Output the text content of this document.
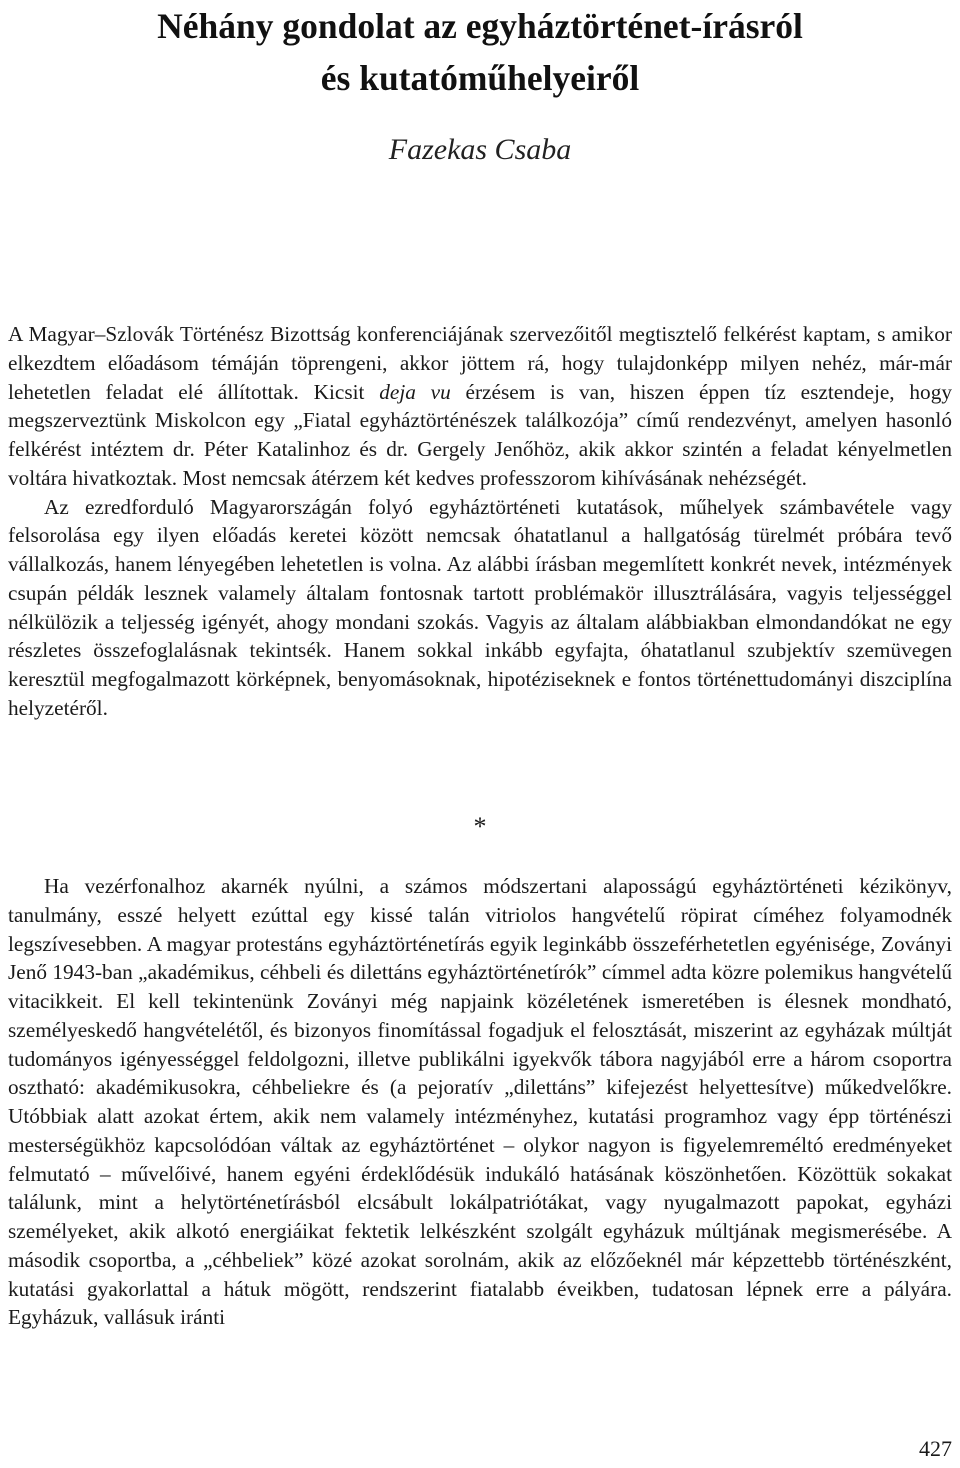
Néhány gondolat az egyháztörténet-írásról
és kutatóműhelyeiről
Fazekas Csaba

A Magyar–Szlovák Történész Bizottság konferenciájának szervezőitől megtisztelő felkérést kaptam, s amikor elkezdtem előadásom témáján töprengeni, akkor jöttem rá, hogy tulajdonképp milyen nehéz, már-már lehetetlen feladat elé állítottak. Kicsit deja vu érzésem is van, hiszen éppen tíz esztendeje, hogy megszerveztünk Miskolcon egy „Fiatal egyháztörténészek találkozója” című rendezvényt, amelyen hasonló felkérést intéztem dr. Péter Katalinhoz és dr. Gergely Jenőhöz, akik akkor szintén a feladat kényelmetlen voltára hivatkoztak. Most nemcsak átérzem két kedves professzorom kihívásának nehézségét.

Az ezredforduló Magyarországán folyó egyháztörténeti kutatások, műhelyek számbavétele vagy felsorolása egy ilyen előadás keretei között nemcsak óhatatlanul a hallgatóság türelmét próbára tevő vállalkozás, hanem lényegében lehetetlen is volna. Az alábbi írásban megemlített konkrét nevek, intézmények csupán példák lesznek valamely általam fontosnak tartott problémakör illusztrálására, vagyis teljességgel nélkülözik a teljesség igényét, ahogy mondani szokás. Vagyis az általam alábbiakban elmondandókat ne egy részletes összefoglalásnak tekintsék. Hanem sokkal inkább egyfajta, óhatatlanul szubjektív szemüvegen keresztül megfogalmazott körképnek, benyomásoknak, hipotéziseknek e fontos történettudományi diszciplína helyzetéről.

*

Ha vezérfonalhoz akarnék nyúlni, a számos módszertani alaposságú egyháztörténeti kézikönyv, tanulmány, esszé helyett ezúttal egy kissé talán vitriolos hangvételű röpirat címéhez folyamodnék legszívesebben. A magyar protestáns egyháztörténetírás egyik leginkább összeférhetetlen egyénisége, Zoványi Jenő 1943-ban „akadémikus, céhbeli és dilettáns egyháztörténetírók” címmel adta közre polemikus hangvételű vitacikkeit. El kell tekintenünk Zoványi még napjaink közéletének ismeretében is élesnek mondható, személyeskedő hangvételétől, és bizonyos finomítással fogadjuk el felosztását, miszerint az egyházak múltját tudományos igényességgel feldolgozni, illetve publikálni igyekvők tábora nagyjából erre a három csoportra osztható: akadémikusokra, céhbeliekre és (a pejoratív „dilettáns” kifejezést helyettesítve) műkedvelőkre. Utóbbiak alatt azokat értem, akik nem valamely intézményhez, kutatási programhoz vagy épp történészi mesterségükhöz kapcsolódóan váltak az egyháztörténet – olykor nagyon is figyelemreméltó eredményeket felmutató – művelőivé, hanem egyéni érdeklődésük indukáló hatásának köszönhetően. Közöttük sokakat találunk, mint a helytörténetírásból elcsábult lokálpatriótákat, vagy nyugalmazott papokat, egyházi személyeket, akik alkotó energiáikat fektetik lelkészként szolgált egyházuk múltjának megismerésébe. A második csoportba, a „céhbeliek” közé azokat sorolnám, akik az előzőeknél már képzettebb történészként, kutatási gyakorlattal a hátuk mögött, rendszerint fiatalabb éveikben, tudatosan lépnek erre a pályára. Egyházuk, vallásuk iránti

427
